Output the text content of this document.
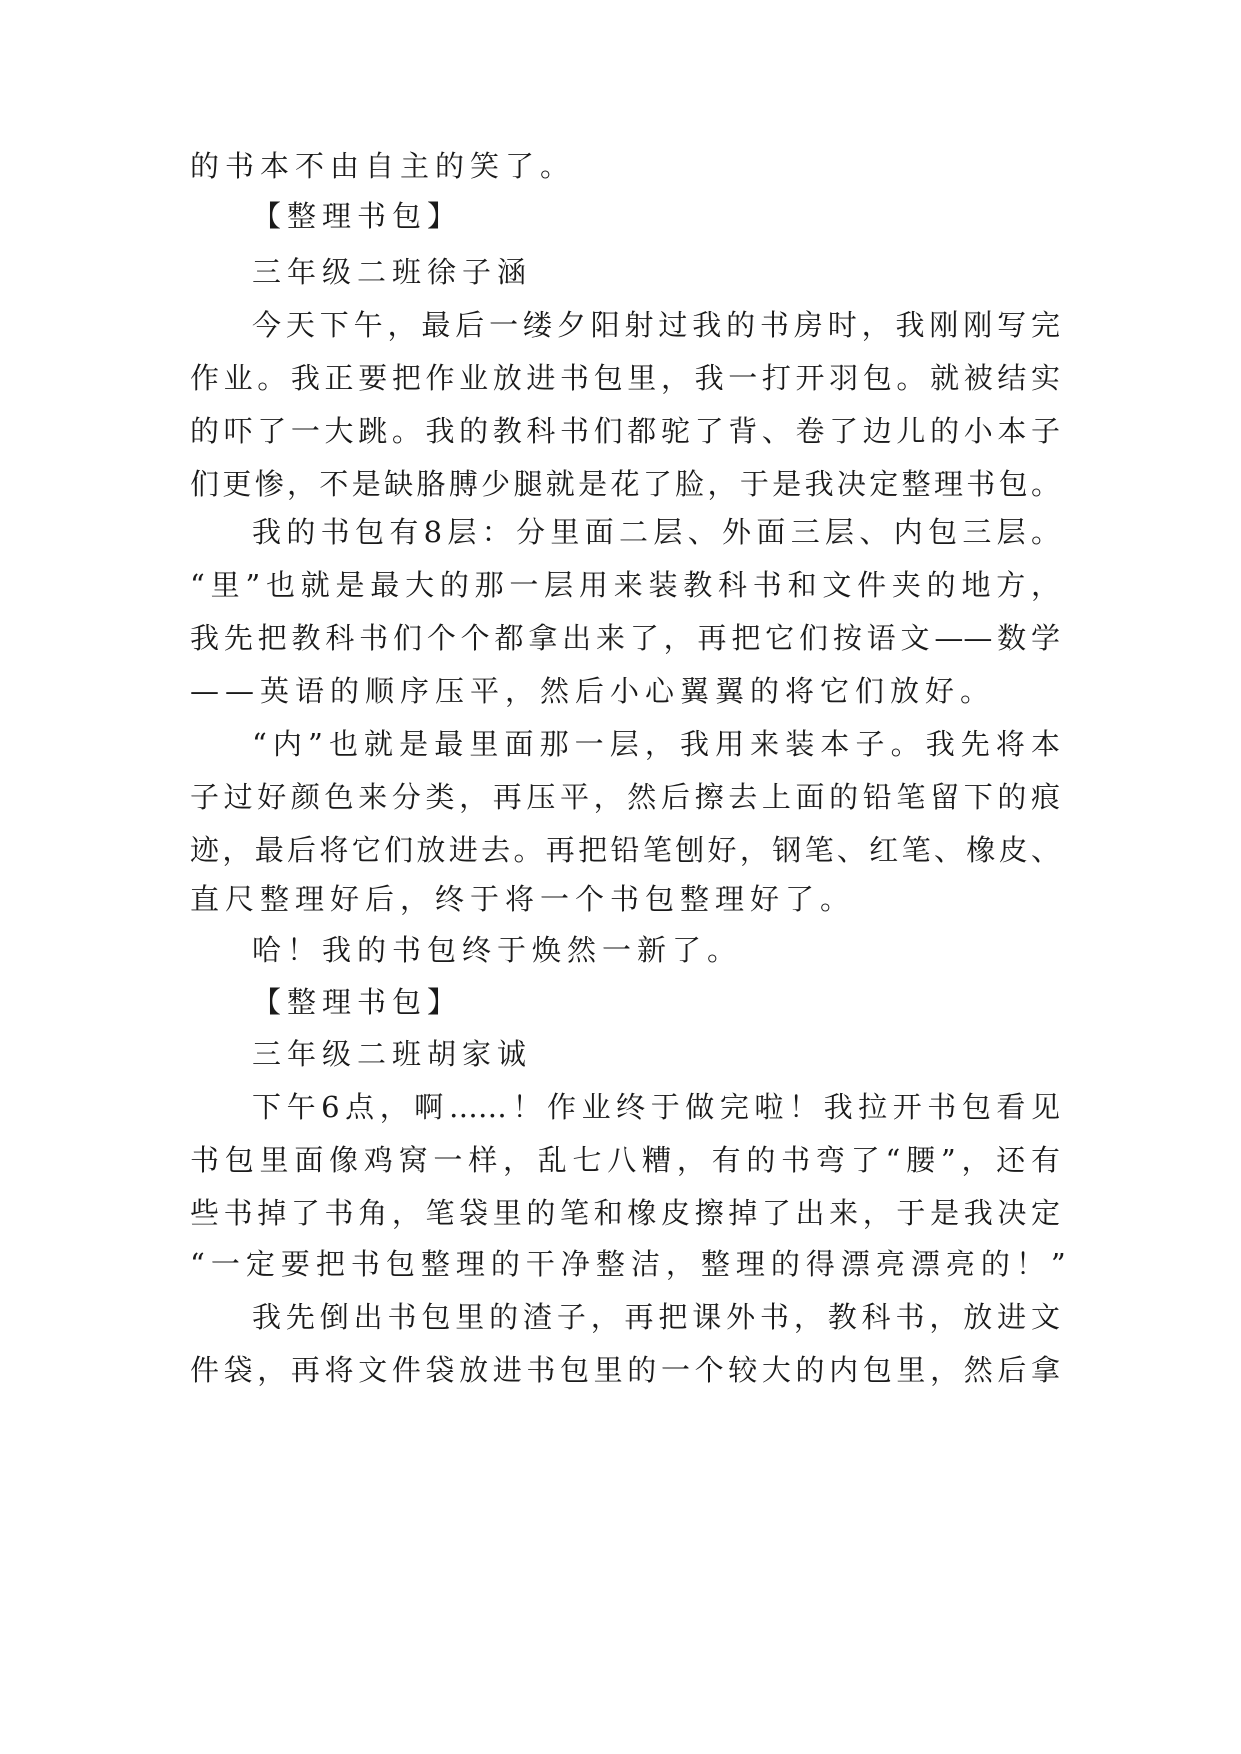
的书本不由自主的笑了。
【整理书包】
三年级二班徐子涵
今天下午，最后一缕夕阳射过我的书房时，我刚刚写完
作业。我正要把作业放进书包里，我一打开羽包。就被结实
的吓了一大跳。我的教科书们都驼了背、卷了边儿的小本子
们更惨，不是缺胳膊少腿就是花了脸，于是我决定整理书包。
我的书包有8层：分里面二层、外面三层、内包三层。
“里”也就是最大的那一层用来装教科书和文件夹的地方，
我先把教科书们个个都拿出来了，再把它们按语文——数学
——英语的顺序压平，然后小心翼翼的将它们放好。
“内”也就是最里面那一层，我用来装本子。我先将本
子过好颜色来分类，再压平，然后擦去上面的铅笔留下的痕
迹，最后将它们放进去。再把铅笔刨好，钢笔、红笔、橡皮、
直尺整理好后，终于将一个书包整理好了。
哈！我的书包终于焕然一新了。
【整理书包】
三年级二班胡家诚
下午6点，啊……！作业终于做完啦！我拉开书包看见
书包里面像鸡窝一样，乱七八糟，有的书弯了“腰”，还有
些书掉了书角，笔袋里的笔和橡皮擦掉了出来，于是我决定
“一定要把书包整理的干净整洁，整理的得漂亮漂亮的！”
我先倒出书包里的渣子，再把课外书，教科书，放进文
件袋，再将文件袋放进书包里的一个较大的内包里，然后拿
